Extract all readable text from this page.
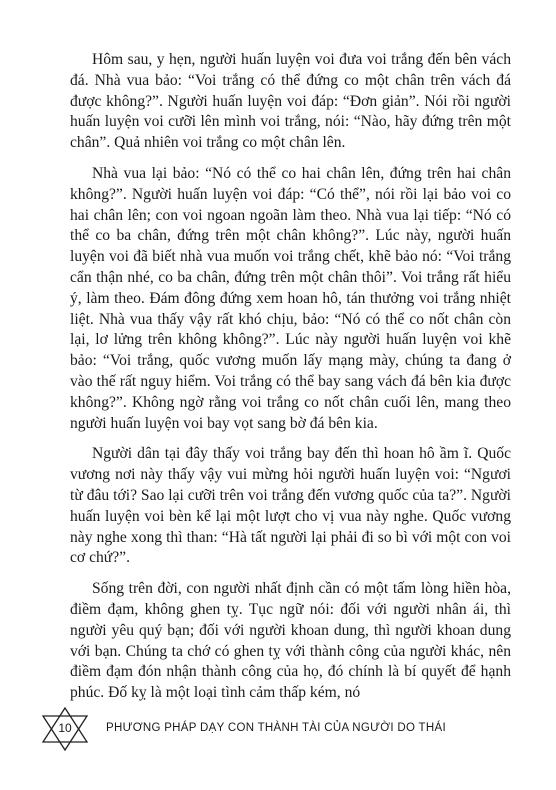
Hôm sau, y hẹn, người huấn luyện voi đưa voi trắng đến bên vách đá. Nhà vua bảo: “Voi trắng có thể đứng co một chân trên vách đá được không?”. Người huấn luyện voi đáp: “Đơn giản”. Nói rồi người huấn luyện voi cưỡi lên mình voi trắng, nói: “Nào, hãy đứng trên một chân”. Quả nhiên voi trắng co một chân lên.

Nhà vua lại bảo: “Nó có thể co hai chân lên, đứng trên hai chân không?”. Người huấn luyện voi đáp: “Có thể”, nói rồi lại bảo voi co hai chân lên; con voi ngoan ngoãn làm theo. Nhà vua lại tiếp: “Nó có thể co ba chân, đứng trên một chân không?”. Lúc này, người huấn luyện voi đã biết nhà vua muốn voi trắng chết, khẽ bảo nó: “Voi trắng cẩn thận nhé, co ba chân, đứng trên một chân thôi”. Voi trắng rất hiểu ý, làm theo. Đám đông đứng xem hoan hô, tán thưởng voi trắng nhiệt liệt. Nhà vua thấy vậy rất khó chịu, bảo: “Nó có thể co nốt chân còn lại, lơ lửng trên không không?”. Lúc này người huấn luyện voi khẽ bảo: “Voi trắng, quốc vương muốn lấy mạng mày, chúng ta đang ở vào thế rất nguy hiểm. Voi trắng có thể bay sang vách đá bên kia được không?”. Không ngờ rằng voi trắng co nốt chân cuối lên, mang theo người huấn luyện voi bay vọt sang bờ đá bên kia.

Người dân tại đây thấy voi trắng bay đến thì hoan hô ầm ĩ. Quốc vương nơi này thấy vậy vui mừng hỏi người huấn luyện voi: “Ngươi từ đâu tới? Sao lại cưỡi trên voi trắng đến vương quốc của ta?”. Người huấn luyện voi bèn kể lại một lượt cho vị vua này nghe. Quốc vương này nghe xong thì than: “Hà tất người lại phải đi so bì với một con voi cơ chứ?”.

Sống trên đời, con người nhất định cần có một tấm lòng hiền hòa, điềm đạm, không ghen tỵ. Tục ngữ nói: đối với người nhân ái, thì người yêu quý bạn; đối với người khoan dung, thì người khoan dung với bạn. Chúng ta chớ có ghen tỵ với thành công của người khác, nên điềm đạm đón nhận thành công của họ, đó chính là bí quyết để hạnh phúc. Đố kỵ là một loại tình cảm thấp kém, nó

10	PHƯƠNG PHÁP DẠY CON THÀNH TÀI CỦA NGƯỜI DO THÁI
